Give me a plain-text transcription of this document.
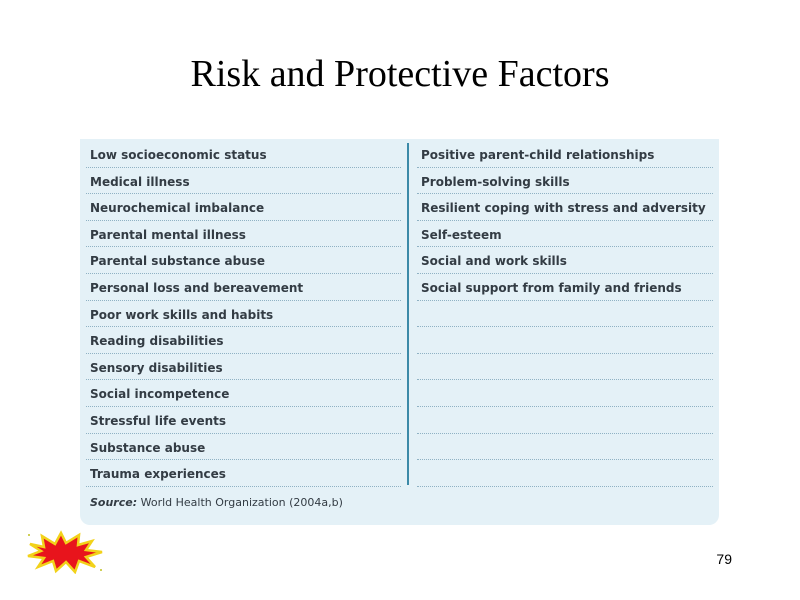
Risk and Protective Factors
Low socioeconomic status
Medical illness
Neurochemical imbalance
Parental mental illness
Parental substance abuse
Personal loss and bereavement
Poor work skills and habits
Reading disabilities
Sensory disabilities
Social incompetence
Stressful life events
Substance abuse
Trauma experiences
Positive parent-child relationships
Problem-solving skills
Resilient coping with stress and adversity
Self-esteem
Social and work skills
Social support from family and friends
Source: World Health Organization (2004a,b)
79
